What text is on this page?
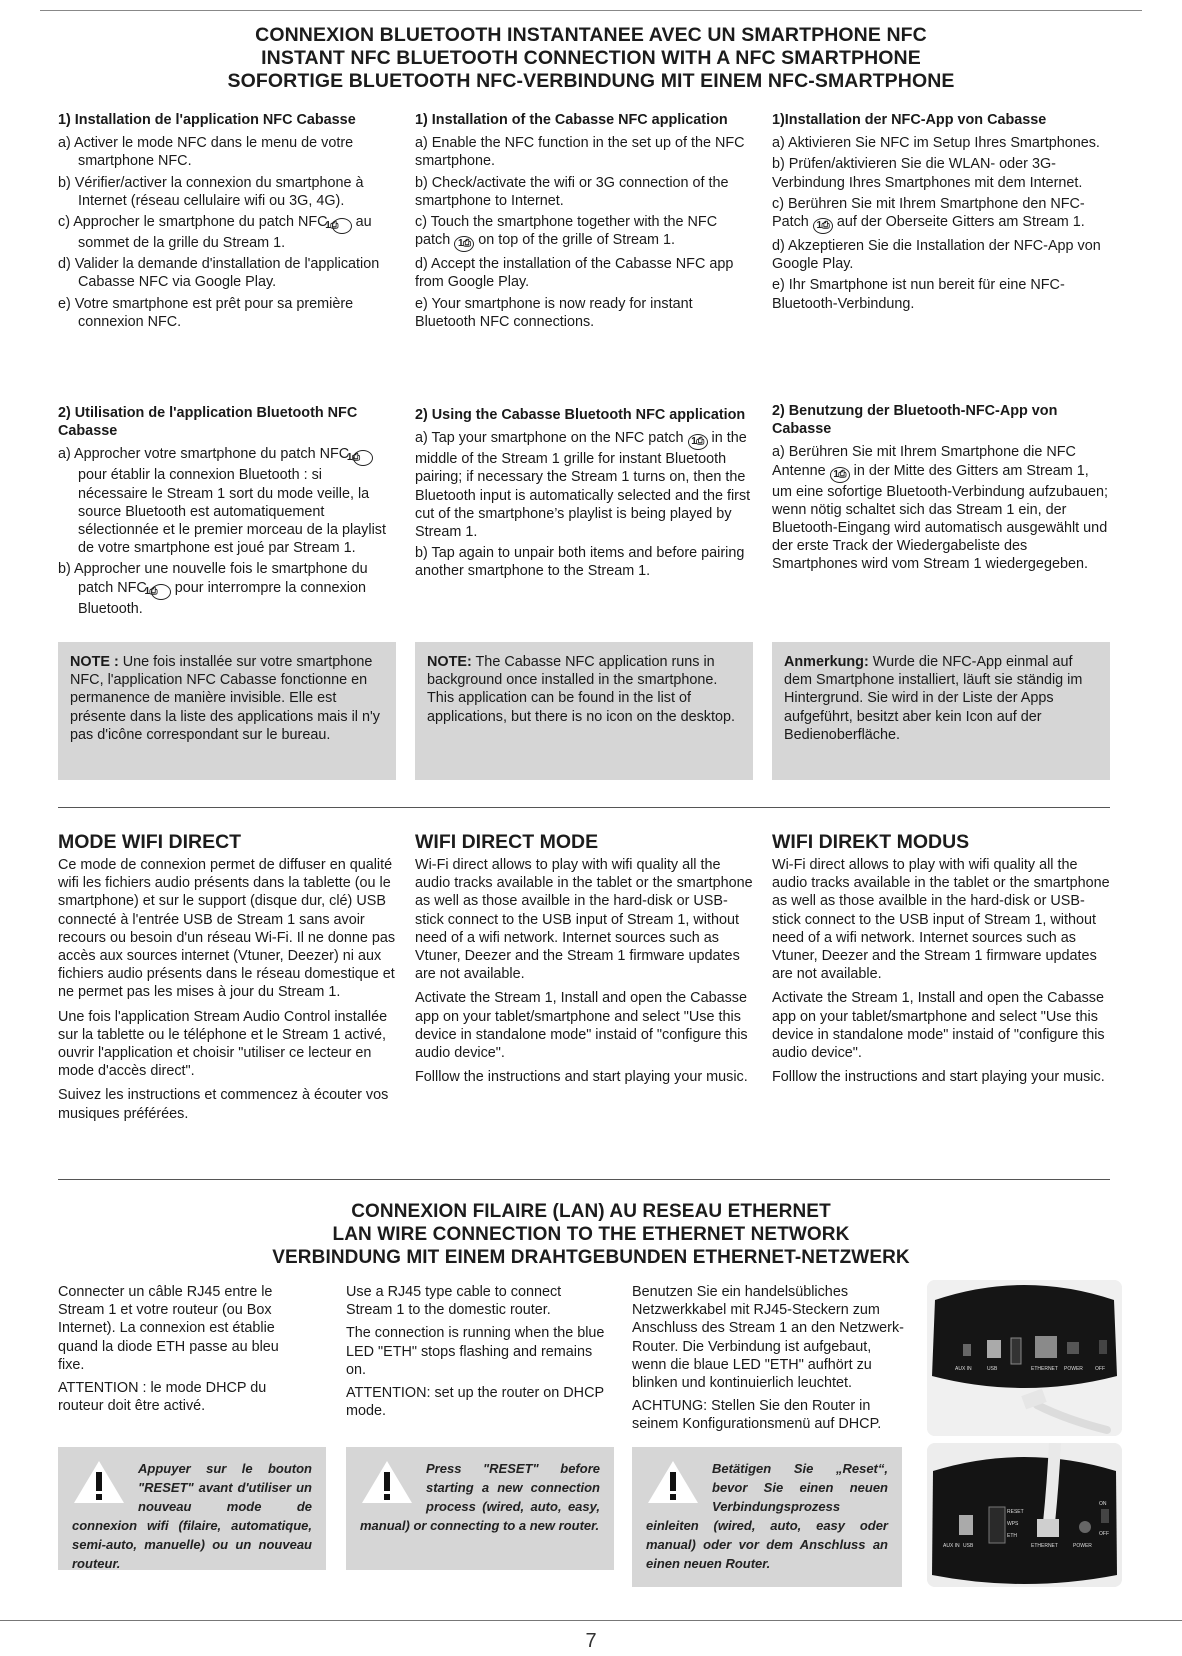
CONNEXION BLUETOOTH INSTANTANEE AVEC UN SMARTPHONE NFC
INSTANT NFC BLUETOOTH CONNECTION WITH A NFC SMARTPHONE
SOFORTIGE BLUETOOTH NFC-VERBINDUNG MIT EINEM NFC-SMARTPHONE

1) Installation de l'application NFC Cabasse

a) Activer le mode NFC dans le menu de votre smartphone NFC.

b) Vérifier/activer la connexion du smartphone à Internet (réseau cellulaire wifi ou 3G, 4G).

c) Approcher le smartphone du patch NFC 1⎙ au sommet de la grille du Stream 1.

d) Valider la demande d'installation de l'application Cabasse NFC via Google Play.

e) Votre smartphone est prêt pour sa première connexion NFC.

1) Installation of the Cabasse NFC application

a) Enable the NFC function in the set up of the NFC smartphone.

b) Check/activate the wifi or 3G connection of the smartphone to Internet.

c) Touch the smartphone together with the NFC patch 1⎙ on top of the grille of Stream 1.

d) Accept the installation of the Cabasse NFC app from Google Play.

e) Your smartphone is now ready for instant Bluetooth NFC connections.

1)Installation der NFC-App von Cabasse

a) Aktivieren Sie NFC im Setup Ihres Smartphones.

b) Prüfen/aktivieren Sie die WLAN- oder 3G-Verbindung Ihres Smartphones mit dem Internet.

c) Berühren Sie mit Ihrem Smartphone den NFC-Patch 1⎙ auf der Oberseite Gitters am Stream 1.

d) Akzeptieren Sie die Installation der NFC-App von Google Play.

e) Ihr Smartphone ist nun bereit für eine NFC-Bluetooth-Verbindung.

2) Utilisation de l'application Bluetooth NFC Cabasse

a) Approcher votre smartphone du patch NFC 1⎙ pour établir la connexion Bluetooth : si nécessaire le Stream 1 sort du mode veille, la source Bluetooth est automatiquement sélectionnée et le premier morceau de la playlist de votre smartphone est joué par Stream 1.

b) Approcher une nouvelle fois le smartphone du patch NFC 1⎙ pour interrompre la connexion Bluetooth.

2) Using the Cabasse Bluetooth NFC application

a) Tap your smartphone on the NFC patch 1⎙ in the middle of the Stream 1 grille for instant Bluetooth pairing; if necessary the Stream 1 turns on, then the Bluetooth input is automatically selected and the first cut of the smartphone’s playlist is being played by Stream 1.

b) Tap again to unpair both items and before pairing another smartphone to the Stream 1.

2) Benutzung der Bluetooth-NFC-App von Cabasse

a) Berühren Sie mit Ihrem Smartphone die NFC Antenne 1⎙ in der Mitte des Gitters am Stream 1, um eine sofortige Bluetooth-Verbindung aufzubauen; wenn nötig schaltet sich das Stream 1 ein, der Bluetooth-Eingang wird automatisch ausgewählt und der erste Track der Wiedergabeliste des Smartphones wird vom Stream 1 wiedergegeben.

NOTE : Une fois installée sur votre smartphone NFC, l'application NFC Cabasse fonctionne en permanence de manière invisible. Elle est présente dans la liste des applications mais il n'y pas d'icône correspondant sur le bureau.
NOTE: The Cabasse NFC application runs in background once installed in the smartphone. This application can be found in the list of applications, but there is no icon on the desktop.
Anmerkung: Wurde die NFC-App einmal auf dem Smartphone installiert, läuft sie ständig im Hintergrund. Sie wird in der Liste der Apps aufgeführt, besitzt aber kein Icon auf der Bedienoberfläche.
MODE WIFI DIRECT

Ce mode de connexion permet de diffuser en qualité wifi les fichiers audio présents dans la tablette (ou le smartphone) et sur le support (disque dur, clé) USB connecté à l'entrée USB de Stream 1 sans avoir recours ou besoin d'un réseau Wi-Fi. Il ne donne pas accès aux sources internet (Vtuner, Deezer) ni aux fichiers audio présents dans le réseau domestique et ne permet pas les mises à jour du Stream 1.

Une fois l'application Stream Audio Control installée sur la tablette ou le téléphone et le Stream 1 activé, ouvrir l'application et choisir "utiliser ce lecteur en mode d'accès direct".

Suivez les instructions et commencez à écouter vos musiques préférées.

WIFI DIRECT MODE

Wi-Fi direct allows to play with wifi quality all the audio tracks available in the tablet or the smartphone as well as those availble in the hard-disk or USB-stick connect to the USB input of Stream 1, without need of a wifi network. Internet sources such as Vtuner, Deezer and the Stream 1 firmware updates are not available.

Activate the Stream 1, Install and open the Cabasse app on your tablet/smartphone and select "Use this device in standalone mode" instaid of "configure this audio device".

Folllow the instructions and start playing your music.

WIFI DIREKT MODUS

Wi-Fi direct allows to play with wifi quality all the audio tracks available in the tablet or the smartphone as well as those availble in the hard-disk or USB-stick connect to the USB input of Stream 1, without need of a wifi network. Internet sources such as Vtuner, Deezer and the Stream 1 firmware updates are not available.

Activate the Stream 1, Install and open the Cabasse app on your tablet/smartphone and select "Use this device in standalone mode" instaid of "configure this audio device".

Folllow the instructions and start playing your music.

CONNEXION FILAIRE (LAN) AU RESEAU ETHERNET
LAN WIRE CONNECTION TO THE ETHERNET NETWORK
VERBINDUNG MIT EINEM DRAHTGEBUNDEN ETHERNET-NETZWERK

Connecter un câble RJ45 entre le Stream 1 et votre routeur (ou Box Internet). La connexion est établie quand la diode ETH passe au bleu fixe.

ATTENTION : le mode DHCP du routeur doit être activé.

Use a RJ45 type cable to connect Stream 1 to the domestic router.

The connection is running when the blue LED "ETH" stops flashing and remains on.

ATTENTION: set up the router on DHCP mode.

Benutzen Sie ein handelsübliches Netzwerkkabel mit RJ45-Steckern zum Anschluss des Stream 1 an den Netzwerk-Router. Die Verbindung ist aufgebaut, wenn die blaue LED "ETH" aufhört zu blinken und kontinuierlich leuchtet.

ACHTUNG: Stellen Sie den Router in seinem Konfigurationsmenü auf DHCP.

Appuyer sur le bouton "RESET" avant d'utiliser un nouveau mode de connexion wifi (filaire, automatique, semi-auto, manuelle) ou un nouveau routeur.
Press "RESET" before starting a new connection process (wired, auto, easy, manual) or connecting to a new router.
Betätigen Sie „Reset“, bevor Sie einen neuen Verbindungsprozess einleiten (wired, auto, easy oder manual) oder vor dem Anschluss an einen neuen Router.
AUX IN	USB	ETHERNET POWER OFF
AUX IN USB
RESET
WPS
ETH
ETHERNET	POWER
ON
OFF
7
